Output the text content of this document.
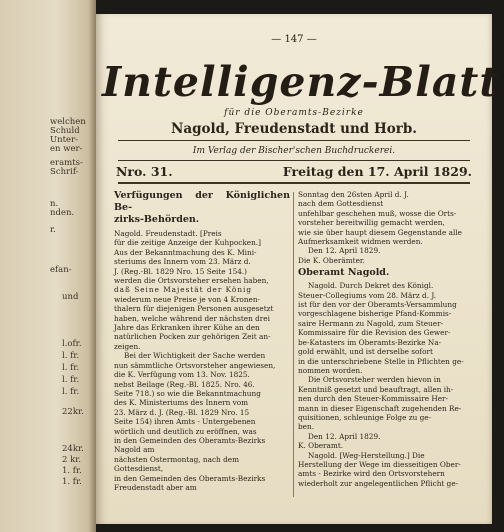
welchen
Schuld
Unter-
en wer-
eramts-
Schrif-
n.
nden.
r.
efan-
und
l.ofr.
l. fr.
l. fr.
l. fr.
l. fr.
22kr.
24kr.
2 kr.
1. fr.
1. fr.
— 147 —
Intelligenz-Blatt
für die Oberamts-Bezirke
Nagold, Freudenstadt und Horb.
Im Verlag der Bischer'schen Buchdruckerei.
Nro. 31.	Freitag den 17. April 1829.

Verfügungen der Königlichen Be-

zirks-Behörden.

Nagold. Freudenstadt. [Preis

für die zeitige Anzeige der Kuhpocken.]

Aus der Bekanntmachung des K. Mini-

steriums des Innern vom 23. März d.

J. (Reg.-Bl. 1829 Nro. 15 Seite 154.)

werden die Ortsvorsteher ersehen haben,

daß Seine Majestät der König

wiederum neue Preise je von 4 Kronen-

thalern für diejenigen Personen ausgesetzt

haben, welche während der nächsten drei

Jahre das Erkranken ihrer Kühe an den

natürlichen Pocken zur gehörigen Zeit an-

zeigen.

Bei der Wichtigkeit der Sache werden

nun sämmtliche Ortsvorsteher angewiesen,

die K. Verfügung vom 13. Nov. 1825.

nebst Beilage (Reg.-Bl. 1825. Nro. 46.

Seite 718.) so wie die Bekanntmachung

des K. Ministeriums des Innern vom

23. März d. J. (Reg.-Bl. 1829 Nro. 15

Seite 154) ihren Amts - Untergebenen

wörtlich und deutlich zu eröffnen, was

in den Gemeinden des Oberamts-Bezirks

Nagold am

nächsten Ostermontag, nach dem

Gottesdienst,

in den Gemeinden des Oberamts-Bezirks

Freudenstadt aber am

Sonntag den 26sten April d. J.

nach dem Gottesdienst

unfehlbar geschehen muß, wosse die Orts-

vorsteher bereitwillig gemacht werden,

wie sie über haupt diesem Gegenstande alle

Aufmerksamkeit widmen werden.

Den 12. April 1829.

Die K. Oberämter.

Oberamt Nagold.

Nagold. Durch Dekret des Königl.

Steuer-Collegiums vom 28. März d. J.

ist für den vor der Oberamts-Versammlung

vorgeschlagene bisherige Pfand-Kommis-

saire Hermann zu Nagold, zum Steuer-

Kommissaire für die Revision des Gewer-

be-Katasters im Oberamts-Bezirke Na-

gold erwählt, und ist derselbe sofort

in die unterschriebene Stelle in Pflichten ge-

nommen worden.

Die Ortsvorsteher werden hievon in

Kenntniß gesetzt und beauftragt, allen ih-

nen durch den Steuer-Kommissaire Her-

mann in dieser Eigenschaft zugehenden Re-

quisitionen, schleunige Folge zu ge-

ben.

Den 12. April 1829.

K. Oberamt.

Nagold. [Weg-Herstellung.] Die

Herstellung der Wege im diesseitigen Ober-

amts - Bezirke wird den Ortsvorstehern

wiederholt zur angelegentlichen Pflicht ge-
